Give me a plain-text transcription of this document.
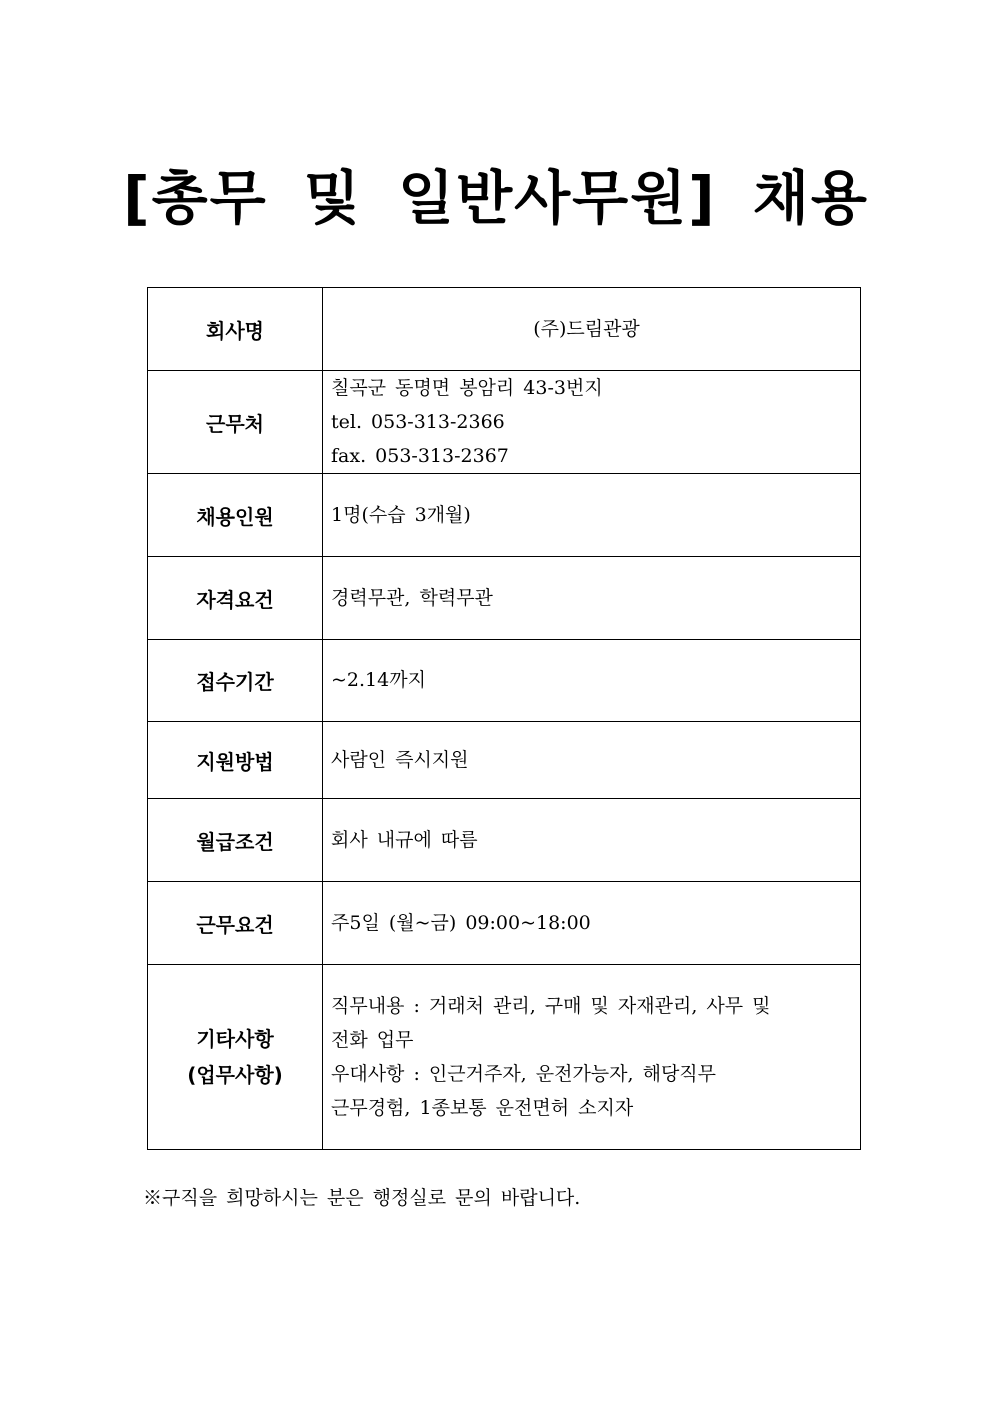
[총무 및 일반사무원] 채용
회사명	(주)드림관광

근무처	칠곡군 동명면 봉암리 43-3번지
tel. 053-313-2366
fax. 053-313-2367

채용인원	1명(수습 3개월)

자격요건	경력무관, 학력무관

접수기간	~2.14까지

지원방법	사람인 즉시지원

월급조건	회사 내규에 따름

근무요건	주5일 (월~금) 09:00~18:00

기타사항
(업무사항)	직무내용 : 거래처 관리, 구매 및 자재관리, 사무 및
전화 업무
우대사항 : 인근거주자, 운전가능자, 해당직무
근무경험, 1종보통 운전면허 소지자

※구직을 희망하시는 분은 행정실로 문의 바랍니다.
